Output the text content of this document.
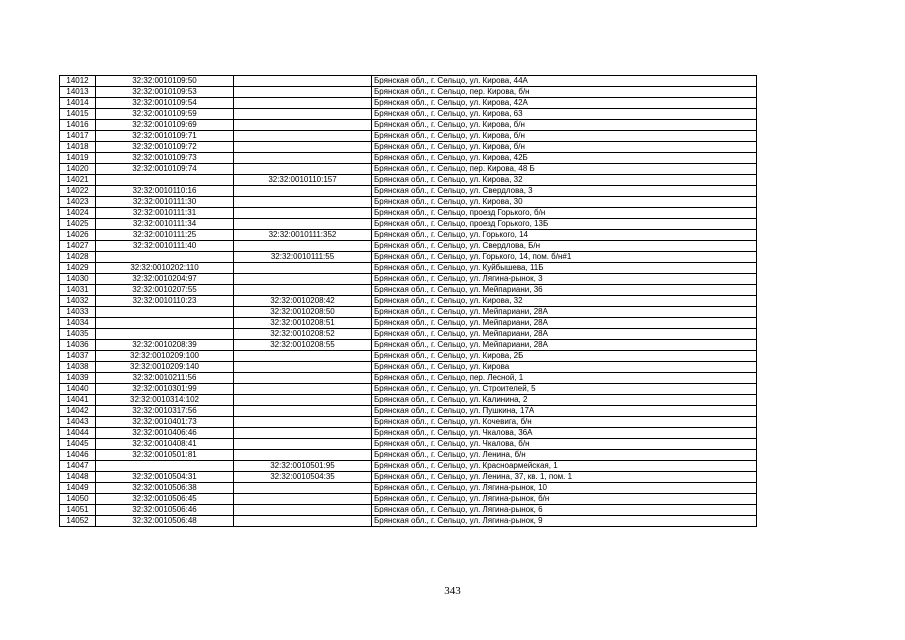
14012	32:32:0010109:50		Брянская обл., г. Сельцо, ул. Кирова, 44А
14013	32:32:0010109:53		Брянская обл., г. Сельцо, пер. Кирова, б/н
14014	32:32:0010109:54		Брянская обл., г. Сельцо, ул. Кирова, 42А
14015	32:32:0010109:59		Брянская обл., г. Сельцо, ул. Кирова, 63
14016	32:32:0010109:69		Брянская обл., г. Сельцо, ул. Кирова, б/н
14017	32:32:0010109:71		Брянская обл., г. Сельцо, ул. Кирова, б/н
14018	32:32:0010109:72		Брянская обл., г. Сельцо, ул. Кирова, б/н
14019	32:32:0010109:73		Брянская обл., г. Сельцо, ул. Кирова, 42Б
14020	32:32:0010109:74		Брянская обл., г. Сельцо, пер. Кирова, 48 Б
14021		32:32:0010110:157	Брянская обл., г. Сельцо, ул. Кирова, 32
14022	32:32:0010110:16		Брянская обл., г. Сельцо, ул. Свердлова, 3
14023	32:32:0010111:30		Брянская обл., г. Сельцо, ул. Кирова, 30
14024	32:32:0010111:31		Брянская обл., г. Сельцо, проезд Горького, б/н
14025	32:32:0010111:34		Брянская обл., г. Сельцо, проезд Горького, 13Б
14026	32:32:0010111:25	32:32:0010111:352	Брянская обл., г. Сельцо, ул. Горького, 14
14027	32:32:0010111:40		Брянская обл., г. Сельцо, ул. Свердлова, Б/н
14028		32:32:0010111:55	Брянская обл., г. Сельцо, ул. Горького, 14, пом. б/н#1
14029	32:32:0010202:110		Брянская обл., г. Сельцо, ул. Куйбышева, 11Б
14030	32:32:0010204:97		Брянская обл., г. Сельцо, ул. Лягина-рынок, 3
14031	32:32:0010207:55		Брянская обл., г. Сельцо, ул. Мейпариани, 36
14032	32:32:0010110:23	32:32:0010208:42	Брянская обл., г. Сельцо, ул. Кирова, 32
14033		32:32:0010208:50	Брянская обл., г. Сельцо, ул. Мейпариани, 28А
14034		32:32:0010208:51	Брянская обл., г. Сельцо, ул. Мейпариани, 28А
14035		32:32:0010208:52	Брянская обл., г. Сельцо, ул. Мейпариани, 28А
14036	32:32:0010208:39	32:32:0010208:55	Брянская обл., г. Сельцо, ул. Мейпариани, 28А
14037	32:32:0010209:100		Брянская обл., г. Сельцо, ул. Кирова, 2Б
14038	32:32:0010209:140		Брянская обл., г. Сельцо, ул. Кирова
14039	32:32:0010211:56		Брянская обл., г. Сельцо, пер. Лесной, 1
14040	32:32:0010301:99		Брянская обл., г. Сельцо, ул. Строителей, 5
14041	32:32:0010314:102		Брянская обл., г. Сельцо, ул. Калинина, 2
14042	32:32:0010317:56		Брянская обл., г. Сельцо, ул. Пушкина, 17А
14043	32:32:0010401:73		Брянская обл., г. Сельцо, ул. Кочевига, б/н
14044	32:32:0010406:46		Брянская обл., г. Сельцо, ул. Чкалова, 36А
14045	32:32:0010408:41		Брянская обл., г. Сельцо, ул. Чкалова, б/н
14046	32:32:0010501:81		Брянская обл., г. Сельцо, ул. Ленина, б/н
14047		32:32:0010501:95	Брянская обл., г. Сельцо, ул. Красноармейская, 1
14048	32:32:0010504:31	32:32:0010504:35	Брянская обл., г. Сельцо, ул. Ленина, 37, кв. 1, пом. 1
14049	32:32:0010506:38		Брянская обл., г. Сельцо, ул. Лягина-рынок, 10
14050	32:32:0010506:45		Брянская обл., г. Сельцо, ул. Лягина-рынок, б/н
14051	32:32:0010506:46		Брянская обл., г. Сельцо, ул. Лягина-рынок, 6
14052	32:32:0010506:48		Брянская обл., г. Сельцо, ул. Лягина-рынок, 9
343
